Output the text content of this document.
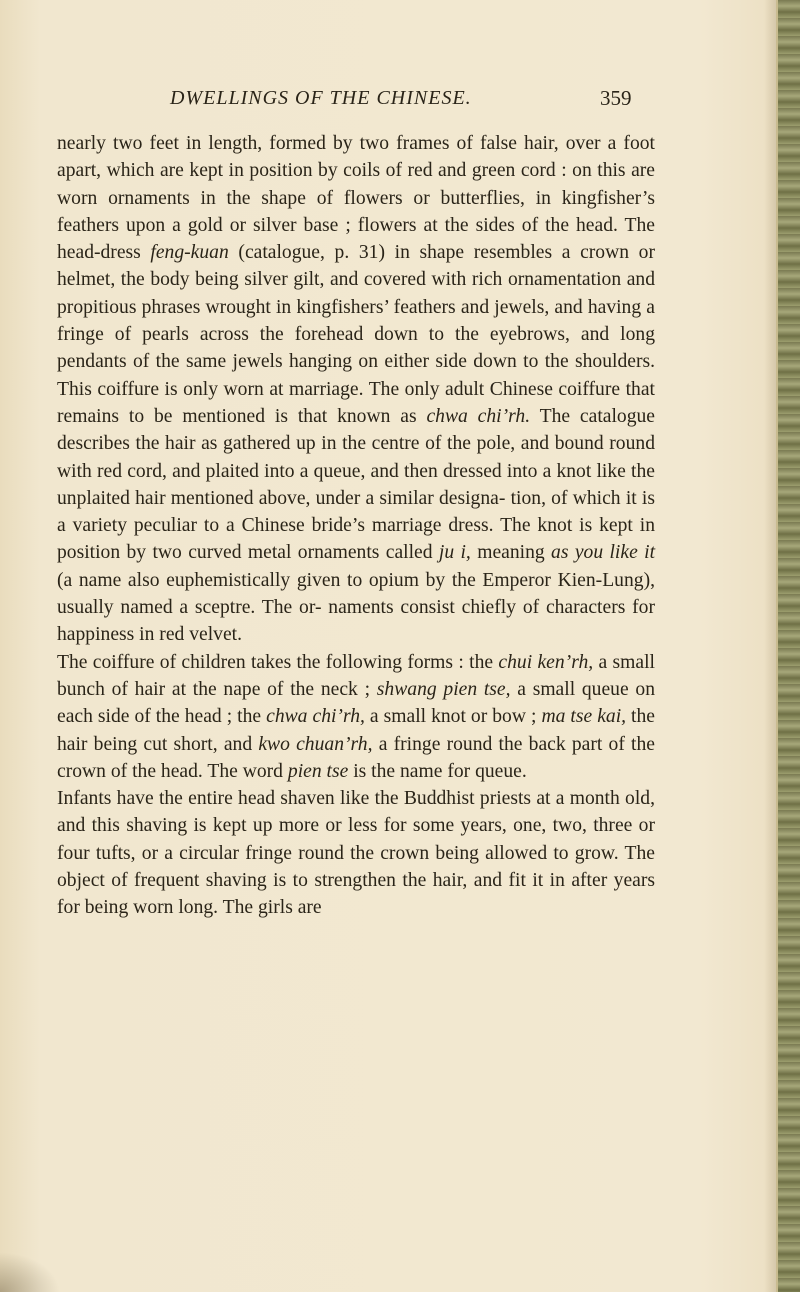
DWELLINGS OF THE CHINESE.	359

nearly two feet in length, formed by two frames of false hair, over a foot apart, which are kept in position by coils of red and green cord : on this are worn ornaments in the shape of flowers or butterflies, in kingfisher’s feathers upon a gold or silver base ; flowers at the sides of the head. The head-dress feng-kuan (catalogue, p. 31) in shape resembles a crown or helmet, the body being silver gilt, and covered with rich ornamentation and propitious phrases wrought in kingfishers’ feathers and jewels, and having a fringe of pearls across the forehead down to the eyebrows, and long pendants of the same jewels hanging on either side down to the shoulders. This coiffure is only worn at marriage. The only adult Chinese coiffure that remains to be mentioned is that known as chwa chi’rh. The catalogue describes the hair as gathered up in the centre of the pole, and bound round with red cord, and plaited into a queue, and then dressed into a knot like the unplaited hair mentioned above, under a similar designa- tion, of which it is a variety peculiar to a Chinese bride’s marriage dress. The knot is kept in position by two curved metal ornaments called ju i, meaning as you like it (a name also euphemistically given to opium by the Emperor Kien-Lung), usually named a sceptre. The or- naments consist chiefly of characters for happiness in red velvet.

The coiffure of children takes the following forms : the chui ken’rh, a small bunch of hair at the nape of the neck ; shwang pien tse, a small queue on each side of the head ; the chwa chi’rh, a small knot or bow ; ma tse kai, the hair being cut short, and kwo chuan’rh, a fringe round the back part of the crown of the head. The word pien tse is the name for queue.

Infants have the entire head shaven like the Buddhist priests at a month old, and this shaving is kept up more or less for some years, one, two, three or four tufts, or a circular fringe round the crown being allowed to grow. The object of frequent shaving is to strengthen the hair, and fit it in after years for being worn long. The girls are
